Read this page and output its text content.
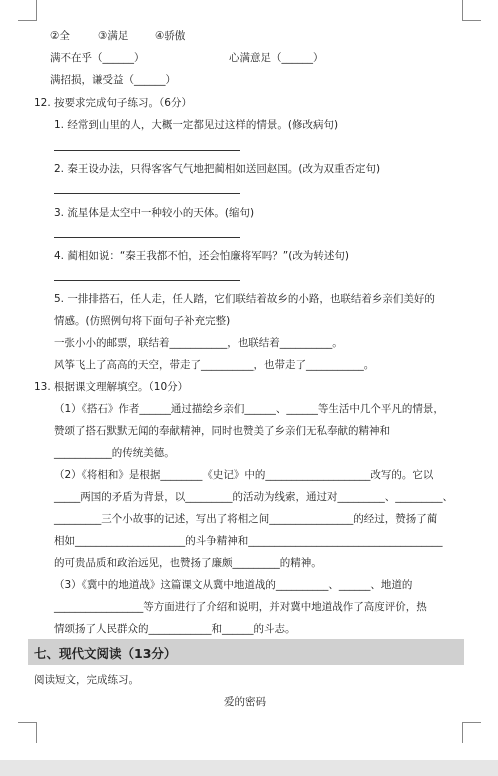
②全	③满足	④骄傲
满不在乎（______）	心满意足（______）
满招损，谦受益（______）
12. 按要求完成句子练习。（6分）
1. 经常到山里的人，大概一定都见过这样的情景。(修改病句)
2. 秦王设办法，只得客客气气地把蔺相如送回赵国。(改为双重否定句)
3. 流星体是太空中一种较小的天体。(缩句)
4. 蔺相如说：“秦王我都不怕，还会怕廉将军吗？”(改为转述句)
5. 一排排搭石，任人走，任人踏，它们联结着故乡的小路，也联结着乡亲们美好的
情感。(仿照例句将下面句子补充完整)
一张小小的邮票，联结着___________，也联结着__________。
风筝飞上了高高的天空，带走了__________，也带走了___________。
13. 根据课文理解填空。（10分）
（1）《搭石》作者______通过描绘乡亲们______、______等生活中几个平凡的情景，
赞颂了搭石默默无闻的奉献精神，同时也赞美了乡亲们无私奉献的精神和
___________的传统美德。
（2）《将相和》是根据________《史记》中的____________________改写的。它以
_____两国的矛盾为背景，以_________的活动为线索，通过对_________、_________、
_________三个小故事的记述，写出了将相之间________________的经过，赞扬了蔺
相如_____________________的斗争精神和_____________________________________
的可贵品质和政治远见，也赞扬了廉颇_________的精神。
（3）《冀中的地道战》这篇课文从冀中地道战的__________、______、地道的
_________________等方面进行了介绍和说明，并对冀中地道战作了高度评价，热
情颂扬了人民群众的____________和______的斗志。
七、现代文阅读（13分）
阅读短文，完成练习。
爱的密码
